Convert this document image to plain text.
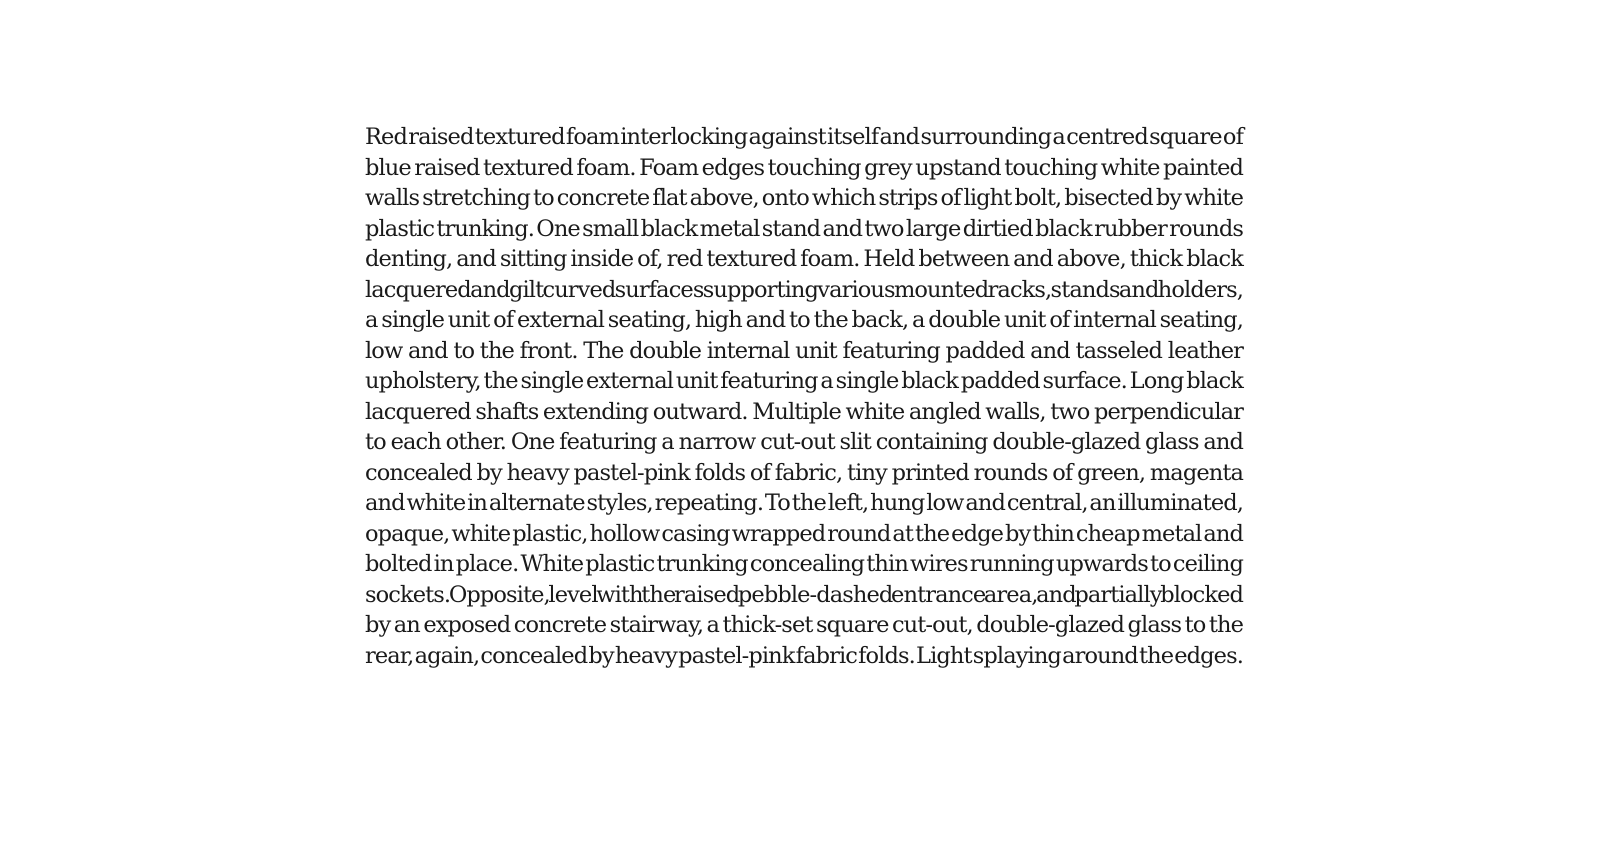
Red raised textured foam interlocking against itself and surrounding a centred square of
blue raised textured foam. Foam edges touching grey upstand touching white painted
walls stretching to concrete flat above, onto which strips of light bolt, bisected by white
plastic trunking. One small black metal stand and two large dirtied black rubber rounds
denting, and sitting inside of, red textured foam. Held between and above, thick black
lacquered and gilt curved surfaces supporting various mounted racks, stands and holders,
a single unit of external seating, high and to the back, a double unit of internal seating,
low and to the front. The double internal unit featuring padded and tasseled leather
upholstery, the single external unit featuring a single black padded surface. Long black
lacquered shafts extending outward. Multiple white angled walls, two perpendicular
to each other. One featuring a narrow cut-out slit containing double-glazed glass and
concealed by heavy pastel-pink folds of fabric, tiny printed rounds of green, magenta
and white in alternate styles, repeating. To the left, hung low and central, an illuminated,
opaque, white plastic, hollow casing wrapped round at the edge by thin cheap metal and
bolted in place. White plastic trunking concealing thin wires running upwards to ceiling
sockets. Opposite, level with the raised pebble-dashed entrance area, and partially blocked
by an exposed concrete stairway, a thick-set square cut-out, double-glazed glass to the
rear, again, concealed by heavy pastel-pink fabric folds. Light splaying around the edges.
